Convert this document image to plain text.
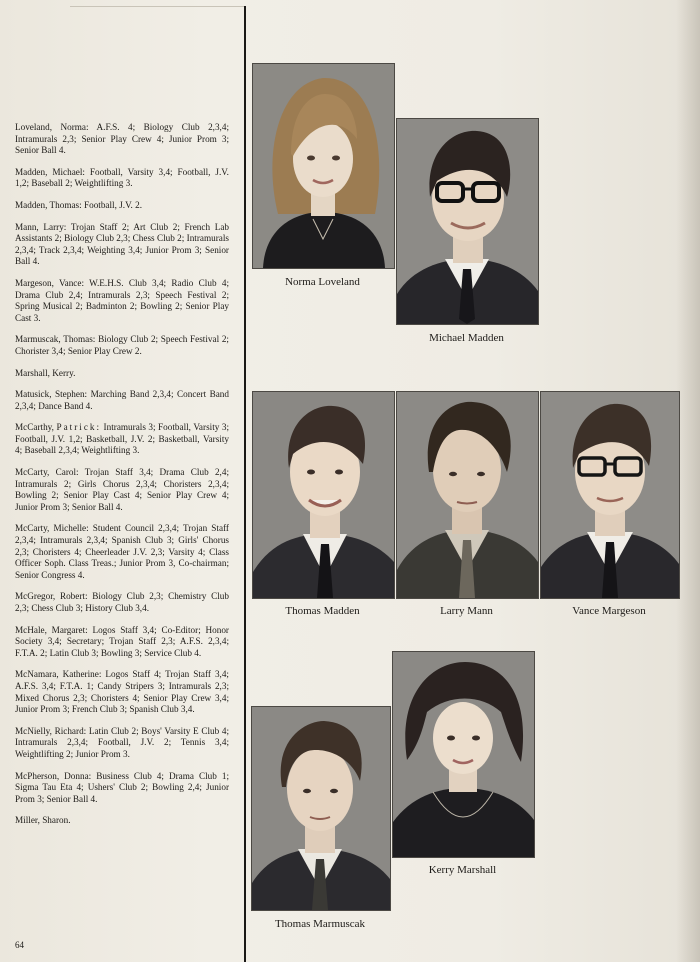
Loveland, Norma: A.F.S. 4; Biology Club 2,3,4; Intramurals 2,3; Senior Play Crew 4; Junior Prom 3; Senior Ball 4.

Madden, Michael: Football, Varsity 3,4; Football, J.V. 1,2; Baseball 2; Weightlifting 3.

Madden, Thomas: Football, J.V. 2.

Mann, Larry: Trojan Staff 2; Art Club 2; French Lab Assistants 2; Biology Club 2,3; Chess Club 2; Intramurals 2,3,4; Track 2,3,4; Weighting 3,4; Junior Prom 3; Senior Ball 4.

Margeson, Vance: W.E.H.S. Club 3,4; Radio Club 4; Drama Club 2,4; Intramurals 2,3; Speech Festival 2; Spring Musical 2; Badminton 2; Bowling 2; Senior Play Cast 3.

Marmuscak, Thomas: Biology Club 2; Speech Festival 2; Chorister 3,4; Senior Play Crew 2.

Marshall, Kerry.

Matusick, Stephen: Marching Band 2,3,4; Concert Band 2,3,4; Dance Band 4.

McCarthy, Patrick: Intramurals 3; Football, Varsity 3; Football, J.V. 1,2; Basketball, J.V. 2; Basketball, Varsity 4; Baseball 2,3,4; Weightlifting 3.

McCarty, Carol: Trojan Staff 3,4; Drama Club 2,4; Intramurals 2; Girls Chorus 2,3,4; Choristers 2,3,4; Bowling 2; Senior Play Cast 4; Senior Play Crew 4; Junior Prom 3; Senior Ball 4.

McCarty, Michelle: Student Council 2,3,4; Trojan Staff 2,3,4; Intramurals 2,3,4; Spanish Club 3; Girls' Chorus 2,3; Choristers 4; Cheerleader J.V. 2,3; Varsity 4; Class Officer Soph. Class Treas.; Junior Prom 3, Co-chairman; Senior Congress 4.

McGregor, Robert: Biology Club 2,3; Chemistry Club 2,3; Chess Club 3; History Club 3,4.

McHale, Margaret: Logos Staff 3,4; Co-Editor; Honor Society 3,4; Secretary; Trojan Staff 2,3; A.F.S. 2,3,4; F.T.A. 2; Latin Club 3; Bowling 3; Service Club 4.

McNamara, Katherine: Logos Staff 4; Trojan Staff 3,4; A.F.S. 3,4; F.T.A. 1; Candy Stripers 3; Intramurals 2,3; Mixed Chorus 2,3; Choristers 4; Senior Play Crew 3,4; Junior Prom 3; French Club 3; Spanish Club 3,4.

McNielly, Richard: Latin Club 2; Boys' Varsity E Club 4; Intramurals 2,3,4; Football, J.V. 2; Tennis 3,4; Weightlifting 2; Junior Prom 3.

McPherson, Donna: Business Club 4; Drama Club 1; Sigma Tau Eta 4; Ushers' Club 2; Bowling 2,4; Junior Prom 3; Senior Ball 4.

Miller, Sharon.

64
Norma Loveland
Michael Madden
Thomas Madden	Larry Mann	Vance Margeson
Kerry Marshall
Thomas Marmuscak
